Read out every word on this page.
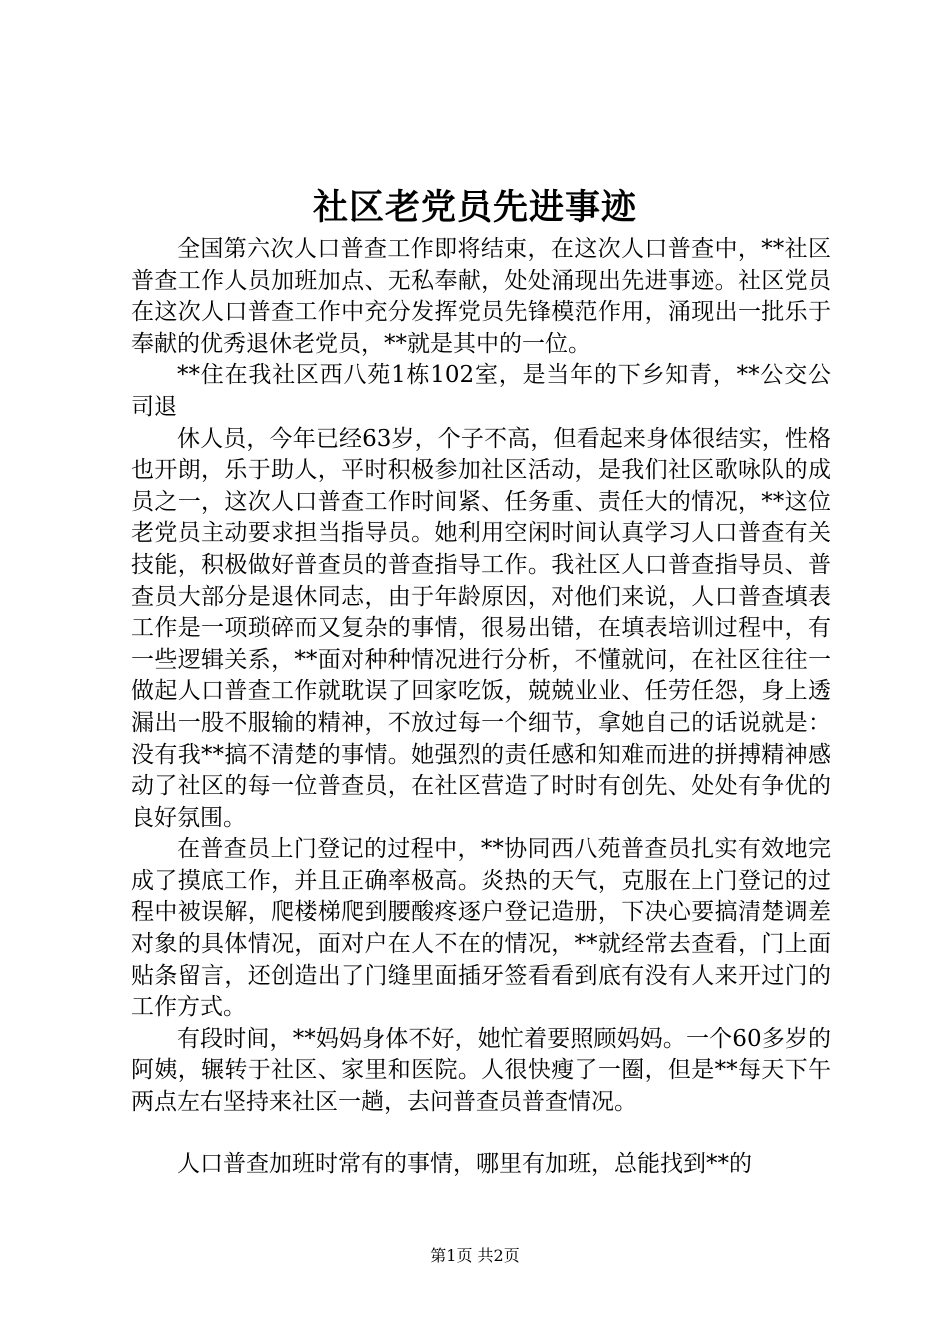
社区老党员先进事迹

全国第六次人口普查工作即将结束，在这次人口普查中，**社区普查工作人员加班加点、无私奉献，处处涌现出先进事迹。社区党员在这次人口普查工作中充分发挥党员先锋模范作用，涌现出一批乐于奉献的优秀退休老党员，**就是其中的一位。

**住在我社区西八苑1栋102室，是当年的下乡知青，**公交公司退

休人员，今年已经63岁，个子不高，但看起来身体很结实，性格也开朗，乐于助人，平时积极参加社区活动，是我们社区歌咏队的成员之一，这次人口普查工作时间紧、任务重、责任大的情况，**这位老党员主动要求担当指导员。她利用空闲时间认真学习人口普查有关技能，积极做好普查员的普查指导工作。我社区人口普查指导员、普查员大部分是退休同志，由于年龄原因，对他们来说，人口普查填表工作是一项琐碎而又复杂的事情，很易出错，在填表培训过程中，有一些逻辑关系，**面对种种情况进行分析，不懂就问，在社区往往一做起人口普查工作就耽误了回家吃饭，兢兢业业、任劳任怨，身上透漏出一股不服输的精神，不放过每一个细节，拿她自己的话说就是：没有我**搞不清楚的事情。她强烈的责任感和知难而进的拼搏精神感动了社区的每一位普查员，在社区营造了时时有创先、处处有争优的良好氛围。

在普查员上门登记的过程中，**协同西八苑普查员扎实有效地完成了摸底工作，并且正确率极高。炎热的天气，克服在上门登记的过程中被误解，爬楼梯爬到腰酸疼逐户登记造册，下决心要搞清楚调差对象的具体情况，面对户在人不在的情况，**就经常去查看，门上面贴条留言，还创造出了门缝里面插牙签看看到底有没有人来开过门的工作方式。

有段时间，**妈妈身体不好，她忙着要照顾妈妈。一个60多岁的阿姨，辗转于社区、家里和医院。人很快瘦了一圈，但是**每天下午两点左右坚持来社区一趟，去问普查员普查情况。

人口普查加班时常有的事情，哪里有加班，总能找到**的

第1页 共2页
